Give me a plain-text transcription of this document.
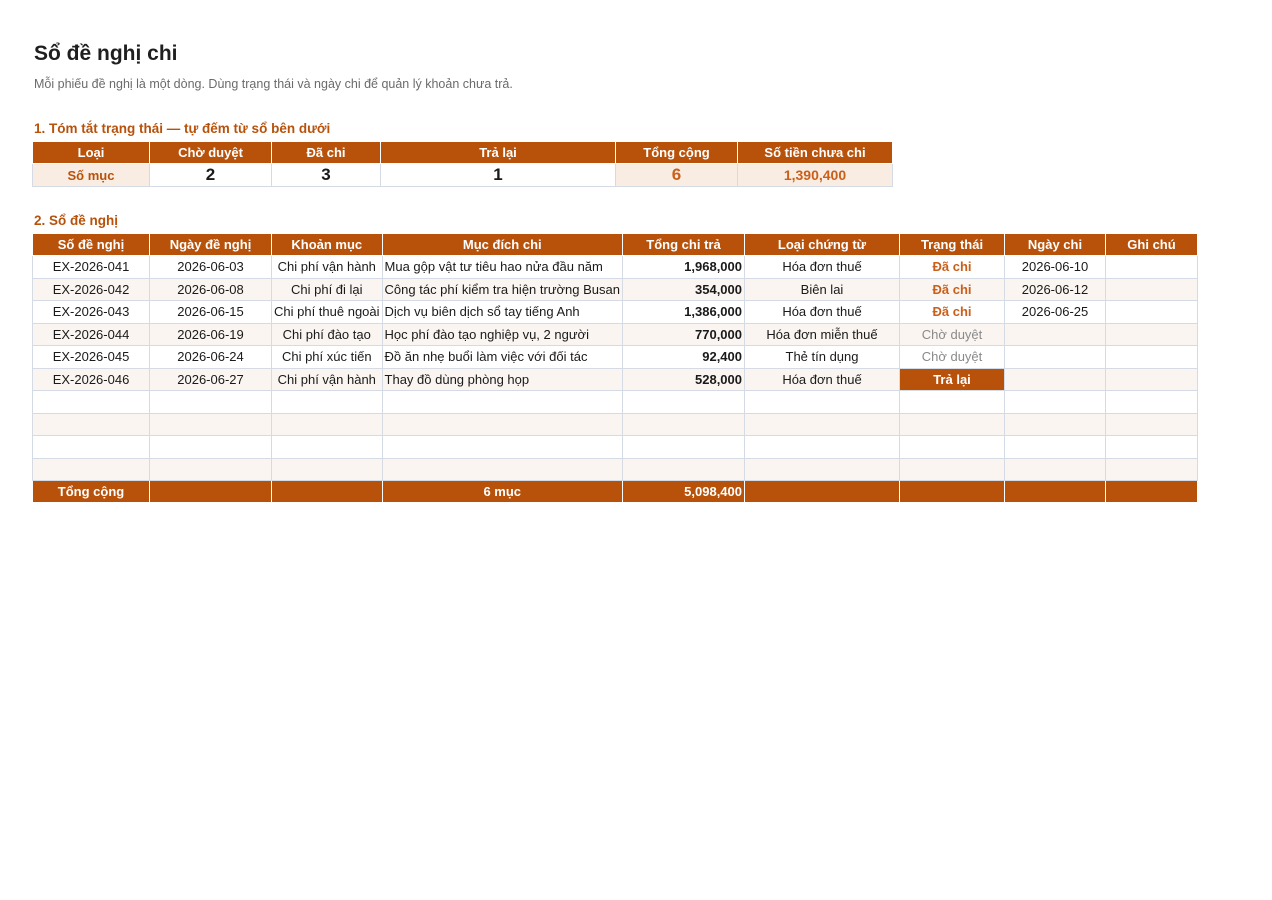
Sổ đề nghị chi
Mỗi phiếu đề nghị là một dòng. Dùng trạng thái và ngày chi để quản lý khoản chưa trả.
1. Tóm tắt trạng thái — tự đếm từ sổ bên dưới
Loại	Chờ duyệt	Đã chi	Trả lại	Tổng cộng	Số tiền chưa chi
Số mục	2	3	1	6	1,390,400
2. Sổ đề nghị
Số đề nghị	Ngày đề nghị	Khoản mục	Mục đích chi	Tổng chi trả	Loại chứng từ	Trạng thái	Ngày chi	Ghi chú
EX-2026-041	2026-06-03	Chi phí vận hành	Mua gộp vật tư tiêu hao nửa đầu năm	1,968,000	Hóa đơn thuế	Đã chi	2026-06-10	
EX-2026-042	2026-06-08	Chi phí đi lại	Công tác phí kiểm tra hiện trường Busan	354,000	Biên lai	Đã chi	2026-06-12	
EX-2026-043	2026-06-15	Chi phí thuê ngoài	Dịch vụ biên dịch sổ tay tiếng Anh	1,386,000	Hóa đơn thuế	Đã chi	2026-06-25	
EX-2026-044	2026-06-19	Chi phí đào tạo	Học phí đào tạo nghiệp vụ, 2 người	770,000	Hóa đơn miễn thuế	Chờ duyệt		
EX-2026-045	2026-06-24	Chi phí xúc tiến	Đồ ăn nhẹ buổi làm việc với đối tác	92,400	Thẻ tín dụng	Chờ duyệt		
EX-2026-046	2026-06-27	Chi phí vận hành	Thay đồ dùng phòng họp	528,000	Hóa đơn thuế	Trả lại		

Tổng cộng			6 mục	5,098,400				
